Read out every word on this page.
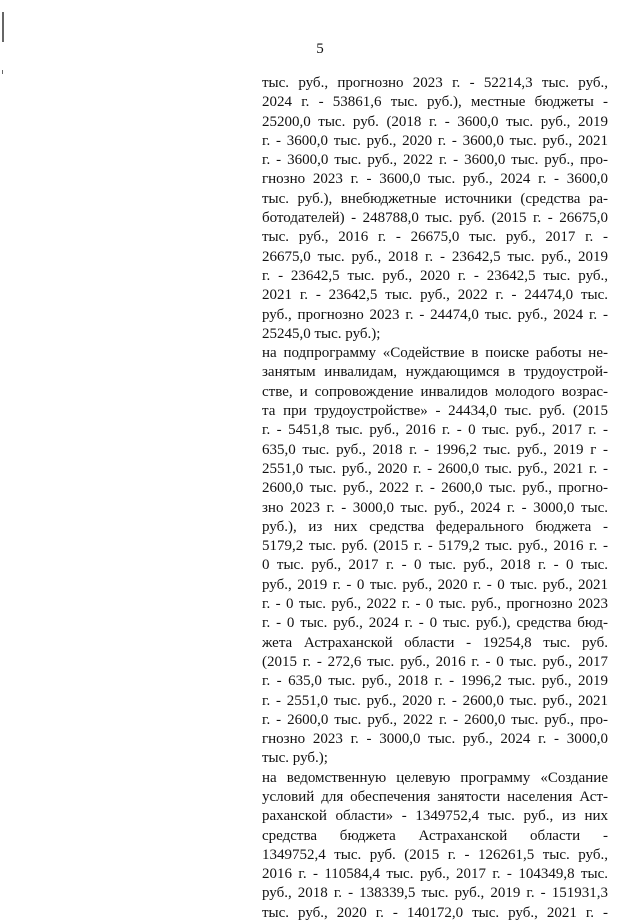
5
тыс. руб., прогнозно 2023 г. - 52214,3 тыс. руб.,
2024 г. - 53861,6 тыс. руб.), местные бюджеты -
25200,0 тыс. руб. (2018 г. - 3600,0 тыс. руб., 2019
г. - 3600,0 тыс. руб., 2020 г. - 3600,0 тыс. руб., 2021
г. - 3600,0 тыс. руб., 2022 г. - 3600,0 тыс. руб., про-
гнозно 2023 г. - 3600,0 тыс. руб., 2024 г. - 3600,0
тыс. руб.), внебюджетные источники (средства ра-
ботодателей) - 248788,0 тыс. руб. (2015 г. - 26675,0
тыс. руб., 2016 г. - 26675,0 тыс. руб., 2017 г. -
26675,0 тыс. руб., 2018 г. - 23642,5 тыс. руб., 2019
г. - 23642,5 тыс. руб., 2020 г. - 23642,5 тыс. руб.,
2021 г. - 23642,5 тыс. руб., 2022 г. - 24474,0 тыс.
руб., прогнозно 2023 г. - 24474,0 тыс. руб., 2024 г. -
25245,0 тыс. руб.);
на подпрограмму «Содействие в поиске работы не-
занятым инвалидам, нуждающимся в трудоустрой-
стве, и сопровождение инвалидов молодого возрас-
та при трудоустройстве» - 24434,0 тыс. руб. (2015
г. - 5451,8 тыс. руб., 2016 г. - 0 тыс. руб., 2017 г. -
635,0 тыс. руб., 2018 г. - 1996,2 тыс. руб., 2019 г -
2551,0 тыс. руб., 2020 г. - 2600,0 тыс. руб., 2021 г. -
2600,0 тыс. руб., 2022 г. - 2600,0 тыс. руб., прогно-
зно 2023 г. - 3000,0 тыс. руб., 2024 г. - 3000,0 тыс.
руб.), из них средства федерального бюджета -
5179,2 тыс. руб. (2015 г. - 5179,2 тыс. руб., 2016 г. -
0 тыс. руб., 2017 г. - 0 тыс. руб., 2018 г. - 0 тыс.
руб., 2019 г. - 0 тыс. руб., 2020 г. - 0 тыс. руб., 2021
г. - 0 тыс. руб., 2022 г. - 0 тыс. руб., прогнозно 2023
г. - 0 тыс. руб., 2024 г. - 0 тыс. руб.), средства бюд-
жета Астраханской области - 19254,8 тыс. руб.
(2015 г. - 272,6 тыс. руб., 2016 г. - 0 тыс. руб., 2017
г. - 635,0 тыс. руб., 2018 г. - 1996,2 тыс. руб., 2019
г. - 2551,0 тыс. руб., 2020 г. - 2600,0 тыс. руб., 2021
г. - 2600,0 тыс. руб., 2022 г. - 2600,0 тыс. руб., про-
гнозно 2023 г. - 3000,0 тыс. руб., 2024 г. - 3000,0
тыс. руб.);
на ведомственную целевую программу «Создание
условий для обеспечения занятости населения Аст-
раханской области» - 1349752,4 тыс. руб., из них
средства бюджета Астраханской области -
1349752,4 тыс. руб. (2015 г. - 126261,5 тыс. руб.,
2016 г. - 110584,4 тыс. руб., 2017 г. - 104349,8 тыс.
руб., 2018 г. - 138339,5 тыс. руб., 2019 г. - 151931,3
тыс. руб., 2020 г. - 140172,0 тыс. руб., 2021 г. -
